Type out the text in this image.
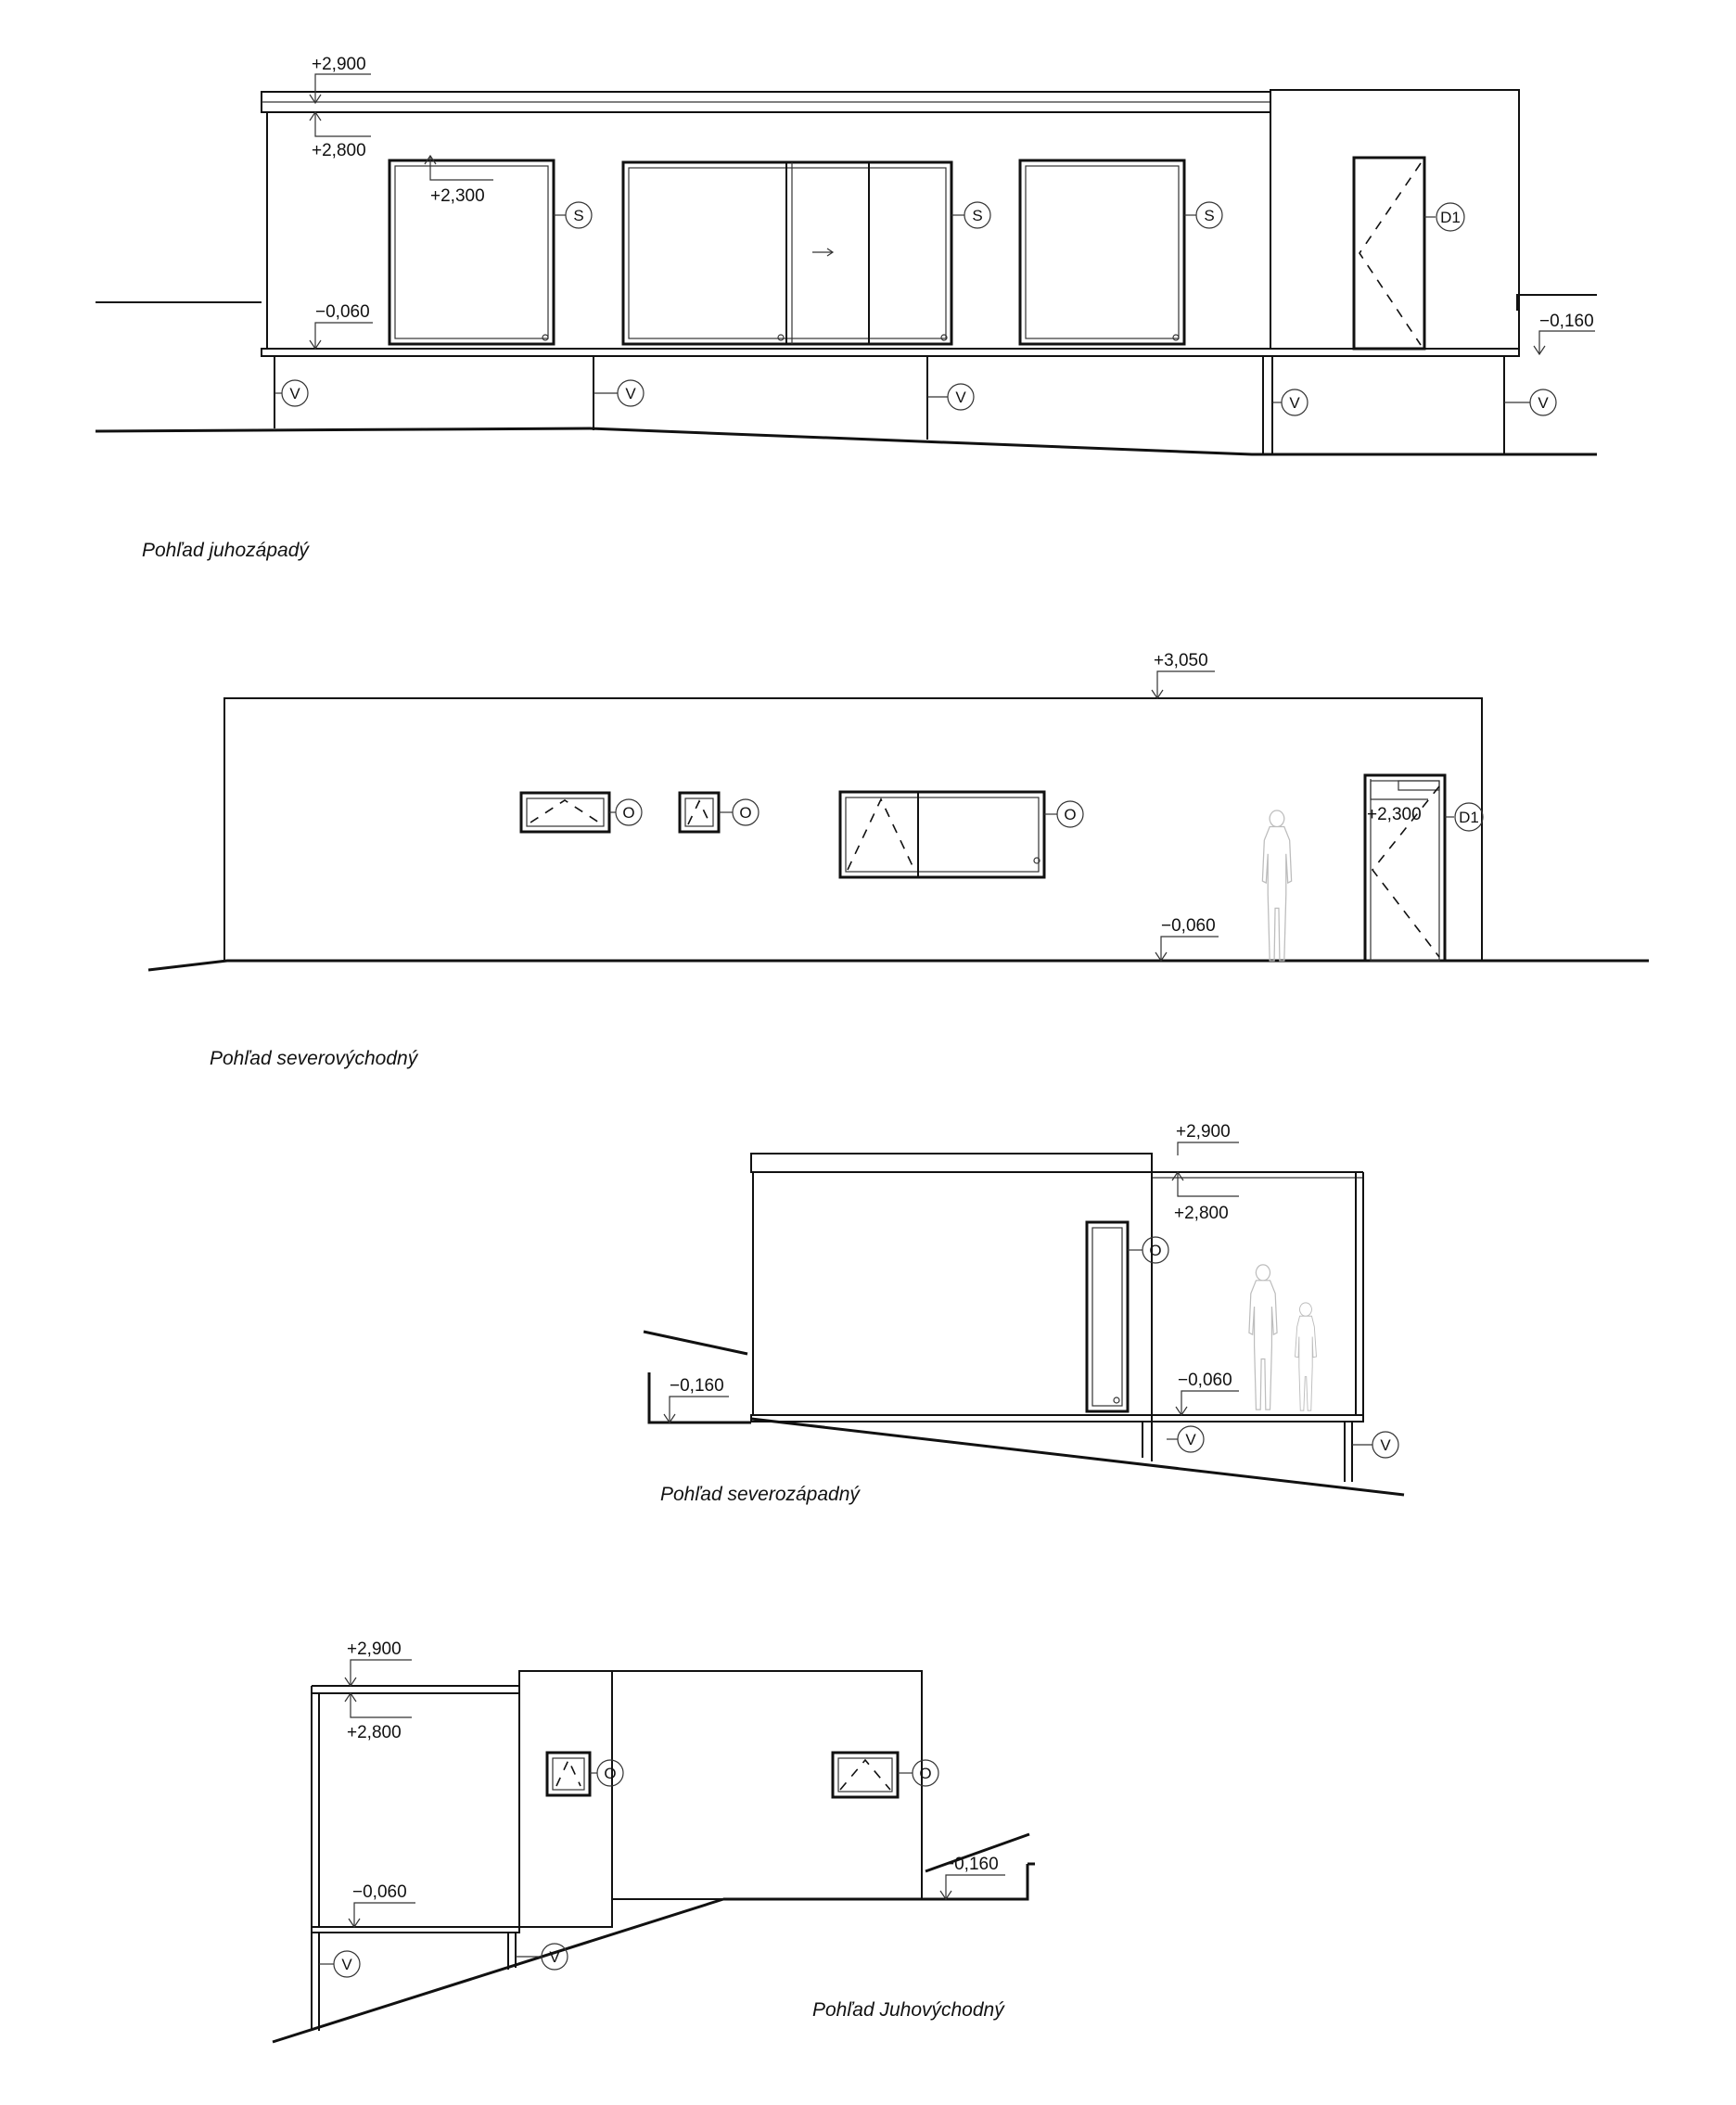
S	S	S	D1
V	V	V	V	V
+2,900
+2,800
+2,300
−0,060	−0,160
Pohľad juhozápadý
O	O	O	D1
+3,050
+2,300
−0,060
Pohľad severovýchodný
O
V	V
+2,900
+2,800
−0,060
−0,160
Pohľad severozápadný
O	O
V	V
+2,900
+2,800
−0,060
−0,160
Pohľad Juhovýchodný
